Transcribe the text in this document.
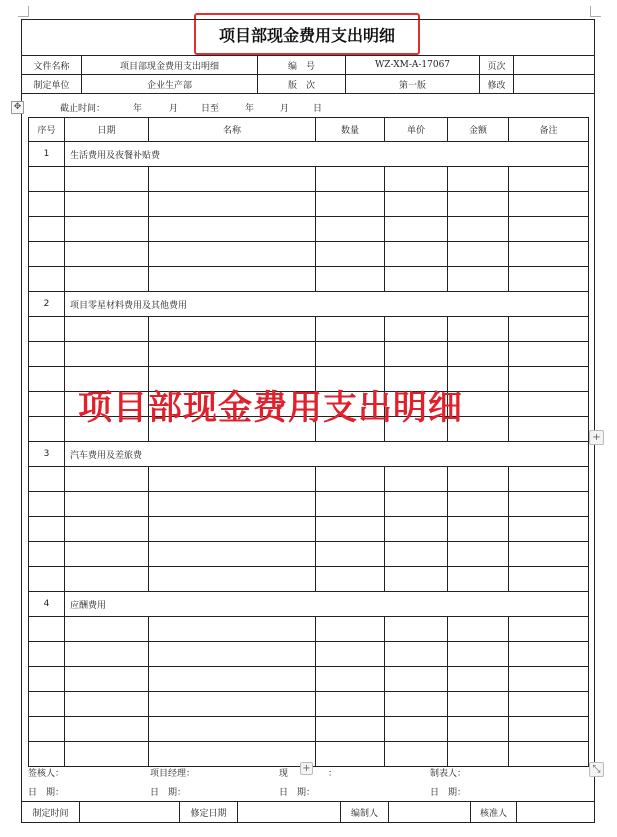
项目部现金费用支出明细
文件名称	项目部现金费用支出明细	编　号	WZ-XM-A-17067	页次	
制定单位	企业生产部	版　次	第一版	修改	
✥	截止时间：	年	月	日至	年	月	日
序号	日期	名称	数量	单价	金额	备注
1	生活费用及夜餐补贴费					

2	项目零星材料费用及其他费用					

3	汽车费用及差旅费					

4	应酬费用					

项目部现金费用支出明细
+
签核人：	项目经理：	现	：	制表人：
日　期：	日　期：	日　期：	日　期：
+	⤡
制定时间		修定日期		编制人		核准人	
